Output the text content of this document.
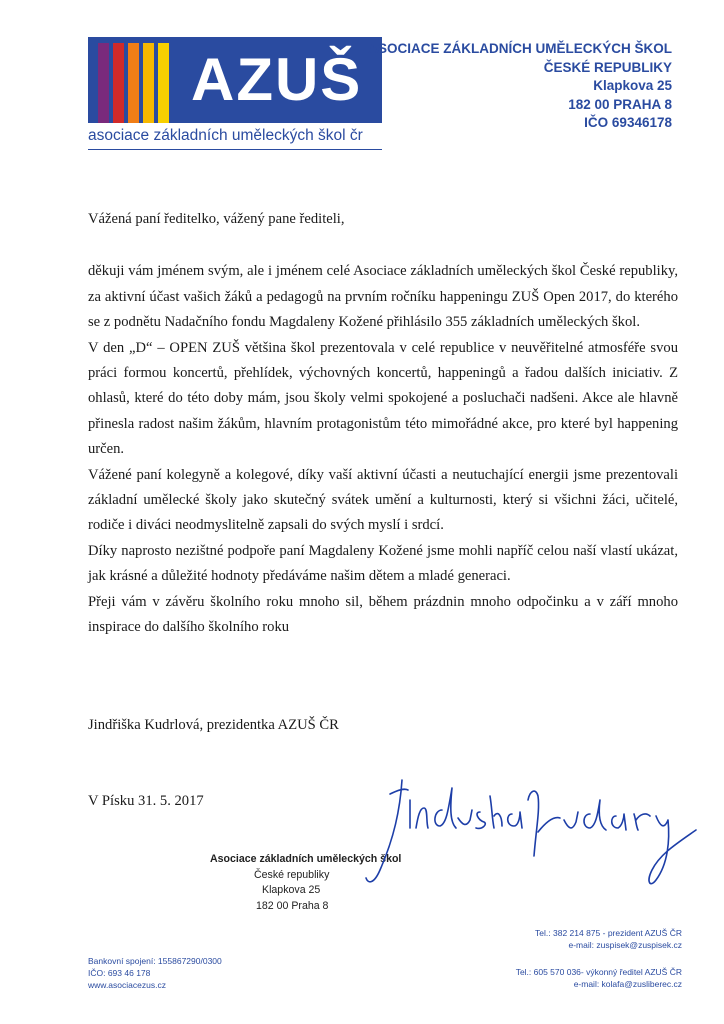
AZUŠ
asociace základních uměleckých škol čr
ASOCIACE ZÁKLADNÍCH UMĚLECKÝCH ŠKOL
ČESKÉ REPUBLIKY
Klapkova 25
182 00 PRAHA 8
IČO 69346178

Vážená paní ředitelko, vážený pane řediteli,

děkuji vám jménem svým, ale i jménem celé Asociace základních uměleckých škol České republiky, za aktivní účast vašich žáků a pedagogů na prvním ročníku happeningu ZUŠ Open 2017, do kterého se z podnětu Nadačního fondu Magdaleny Kožené přihlásilo 355 základních uměleckých škol.

V den „D“ – OPEN ZUŠ většina škol prezentovala v celé republice v neuvěřitelné atmosféře svou práci formou koncertů, přehlídek, výchovných koncertů, happeningů a řadou dalších iniciativ. Z ohlasů, které do této doby mám, jsou školy velmi spokojené a posluchači nadšeni. Akce ale hlavně přinesla radost našim žákům, hlavním protagonistům této mimořádné akce, pro které byl happening určen.

Vážené paní kolegyně a kolegové, díky vaší aktivní účasti a neutuchající energii jsme prezentovali základní umělecké školy jako skutečný svátek umění a kulturnosti, který si všichni žáci, učitelé, rodiče i diváci neodmyslitelně zapsali do svých myslí i srdcí.

Díky naprosto nezištné podpoře paní Magdaleny Kožené jsme mohli napříč celou naší vlastí ukázat, jak krásné a důležité hodnoty předáváme našim dětem a mladé generaci.

Přeji vám v závěru školního roku mnoho sil, během prázdnin mnoho odpočinku a v září mnoho inspirace do dalšího školního roku

Jindřiška Kudrlová, prezidentka AZUŠ ČR
V Písku 31. 5. 2017
Asociace základních uměleckých škol
České republiky
Klapkova 25
182 00 Praha 8
Bankovní spojení: 155867290/0300
IČO: 693 46 178
www.asociacezus.cz
Tel.: 382 214 875 - prezident AZUŠ ČR
e-mail: zuspisek@zuspisek.cz
Tel.: 605 570 036- výkonný ředitel AZUŠ ČR
e-mail: kolafa@zusliberec.cz
